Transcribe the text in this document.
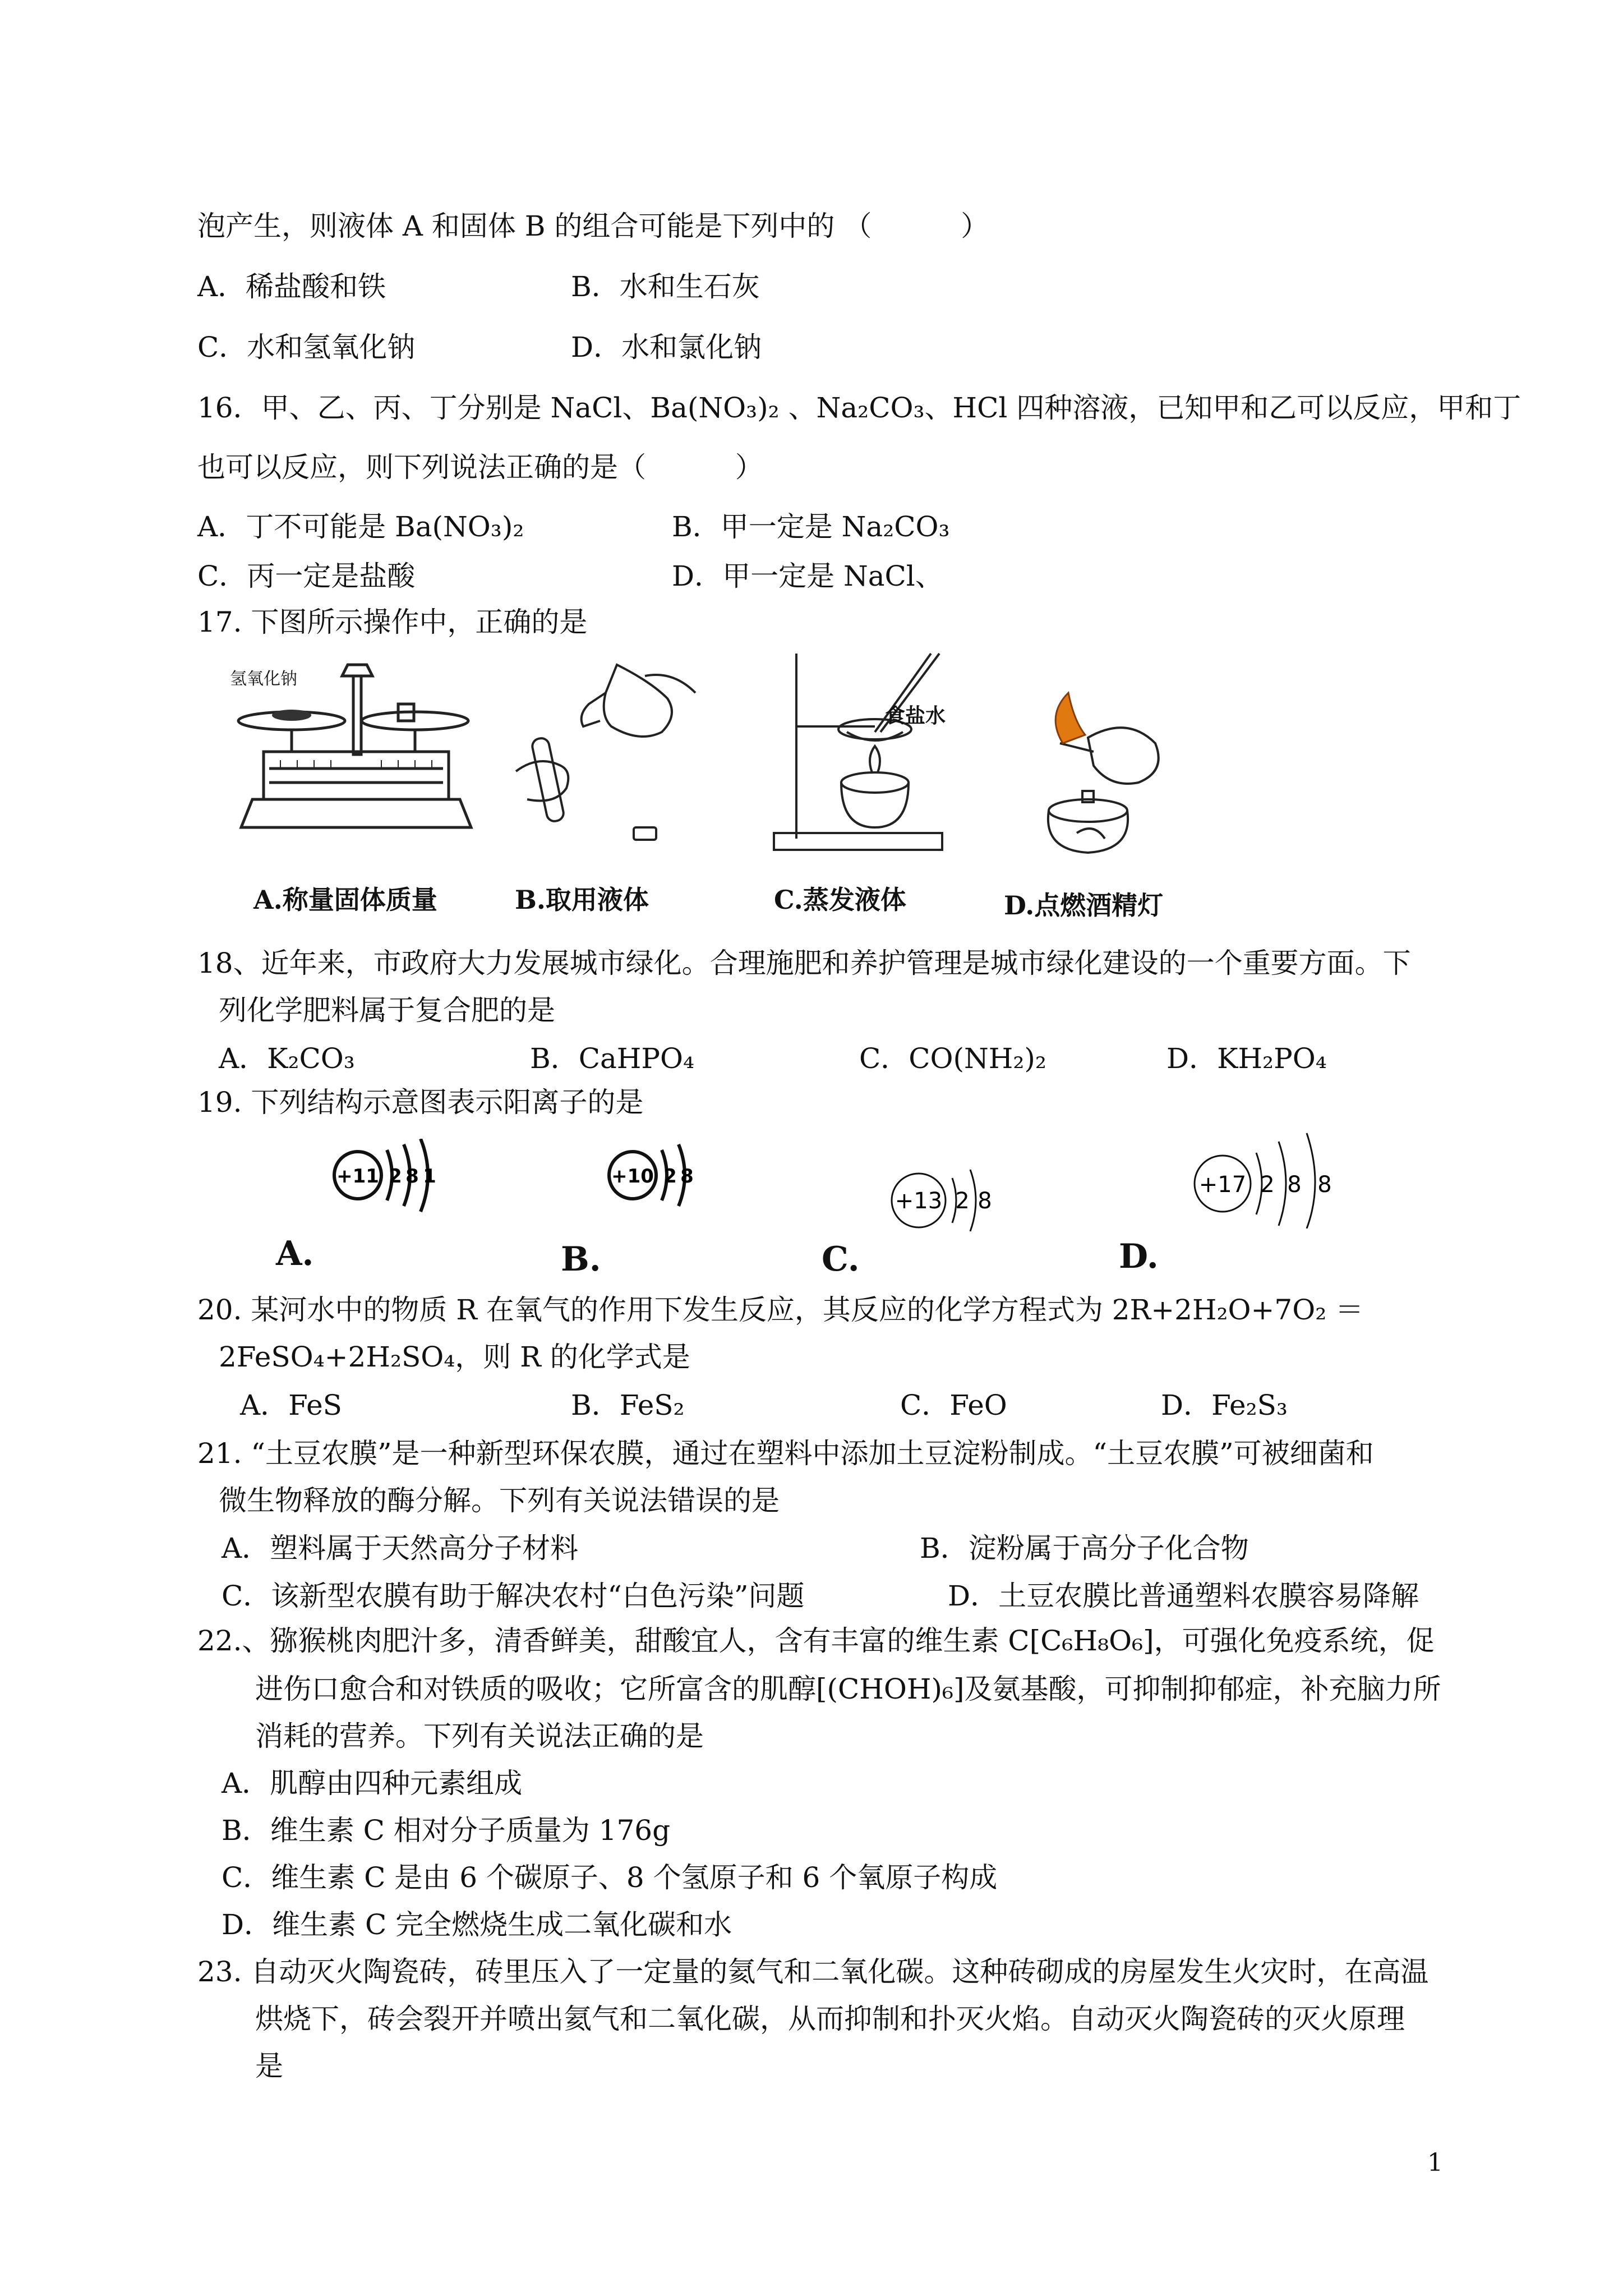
泡产生，则液体 A 和固体 B 的组合可能是下列中的 （          ）
A．稀盐酸和铁	B．水和生石灰
C．水和氢氧化钠	D．水和氯化钠
16．甲、乙、丙、丁分别是 NaCl、Ba(NO₃)₂ 、Na₂CO₃、HCl 四种溶液，已知甲和乙可以反应，甲和丁
也可以反应，则下列说法正确的是（          ）
A．丁不可能是 Ba(NO₃)₂	B．甲一定是 Na₂CO₃
C．丙一定是盐酸	D．甲一定是 NaCl、
17. 下图所示操作中，正确的是
氢氧化钠
A.称量固体质量	B.取用液体
食盐水
C.蒸发液体	D.点燃酒精灯
18、近年来，市政府大力发展城市绿化。合理施肥和养护管理是城市绿化建设的一个重要方面。下
列化学肥料属于复合肥的是
A．K₂CO₃	B．CaHPO₄	C．CO(NH₂)₂	D．KH₂PO₄
19. 下列结构示意图表示阳离子的是
+11 2 8 1
A.
+10 2 8
B.
+13 2 8
C.
+17 2 8 8
D.
20. 某河水中的物质 R 在氧气的作用下发生反应，其反应的化学方程式为 2R+2H₂O+7O₂ ＝
2FeSO₄+2H₂SO₄，则 R 的化学式是
A．FeS	B．FeS₂	C．FeO	D．Fe₂S₃
21. “土豆农膜”是一种新型环保农膜，通过在塑料中添加土豆淀粉制成。“土豆农膜”可被细菌和
微生物释放的酶分解。下列有关说法错误的是
A．塑料属于天然高分子材料	B．淀粉属于高分子化合物
C．该新型农膜有助于解决农村“白色污染”问题	D．土豆农膜比普通塑料农膜容易降解
22.、猕猴桃肉肥汁多，清香鲜美，甜酸宜人，含有丰富的维生素 C[C₆H₈O₆]，可强化免疫系统，促
进伤口愈合和对铁质的吸收；它所富含的肌醇[(CHOH)₆]及氨基酸，可抑制抑郁症，补充脑力所
消耗的营养。下列有关说法正确的是
A．肌醇由四种元素组成
B．维生素 C 相对分子质量为 176g
C．维生素 C 是由 6 个碳原子、8 个氢原子和 6 个氧原子构成
D．维生素 C 完全燃烧生成二氧化碳和水
23. 自动灭火陶瓷砖，砖里压入了一定量的氦气和二氧化碳。这种砖砌成的房屋发生火灾时，在高温
烘烧下，砖会裂开并喷出氦气和二氧化碳，从而抑制和扑灭火焰。自动灭火陶瓷砖的灭火原理
是
1
